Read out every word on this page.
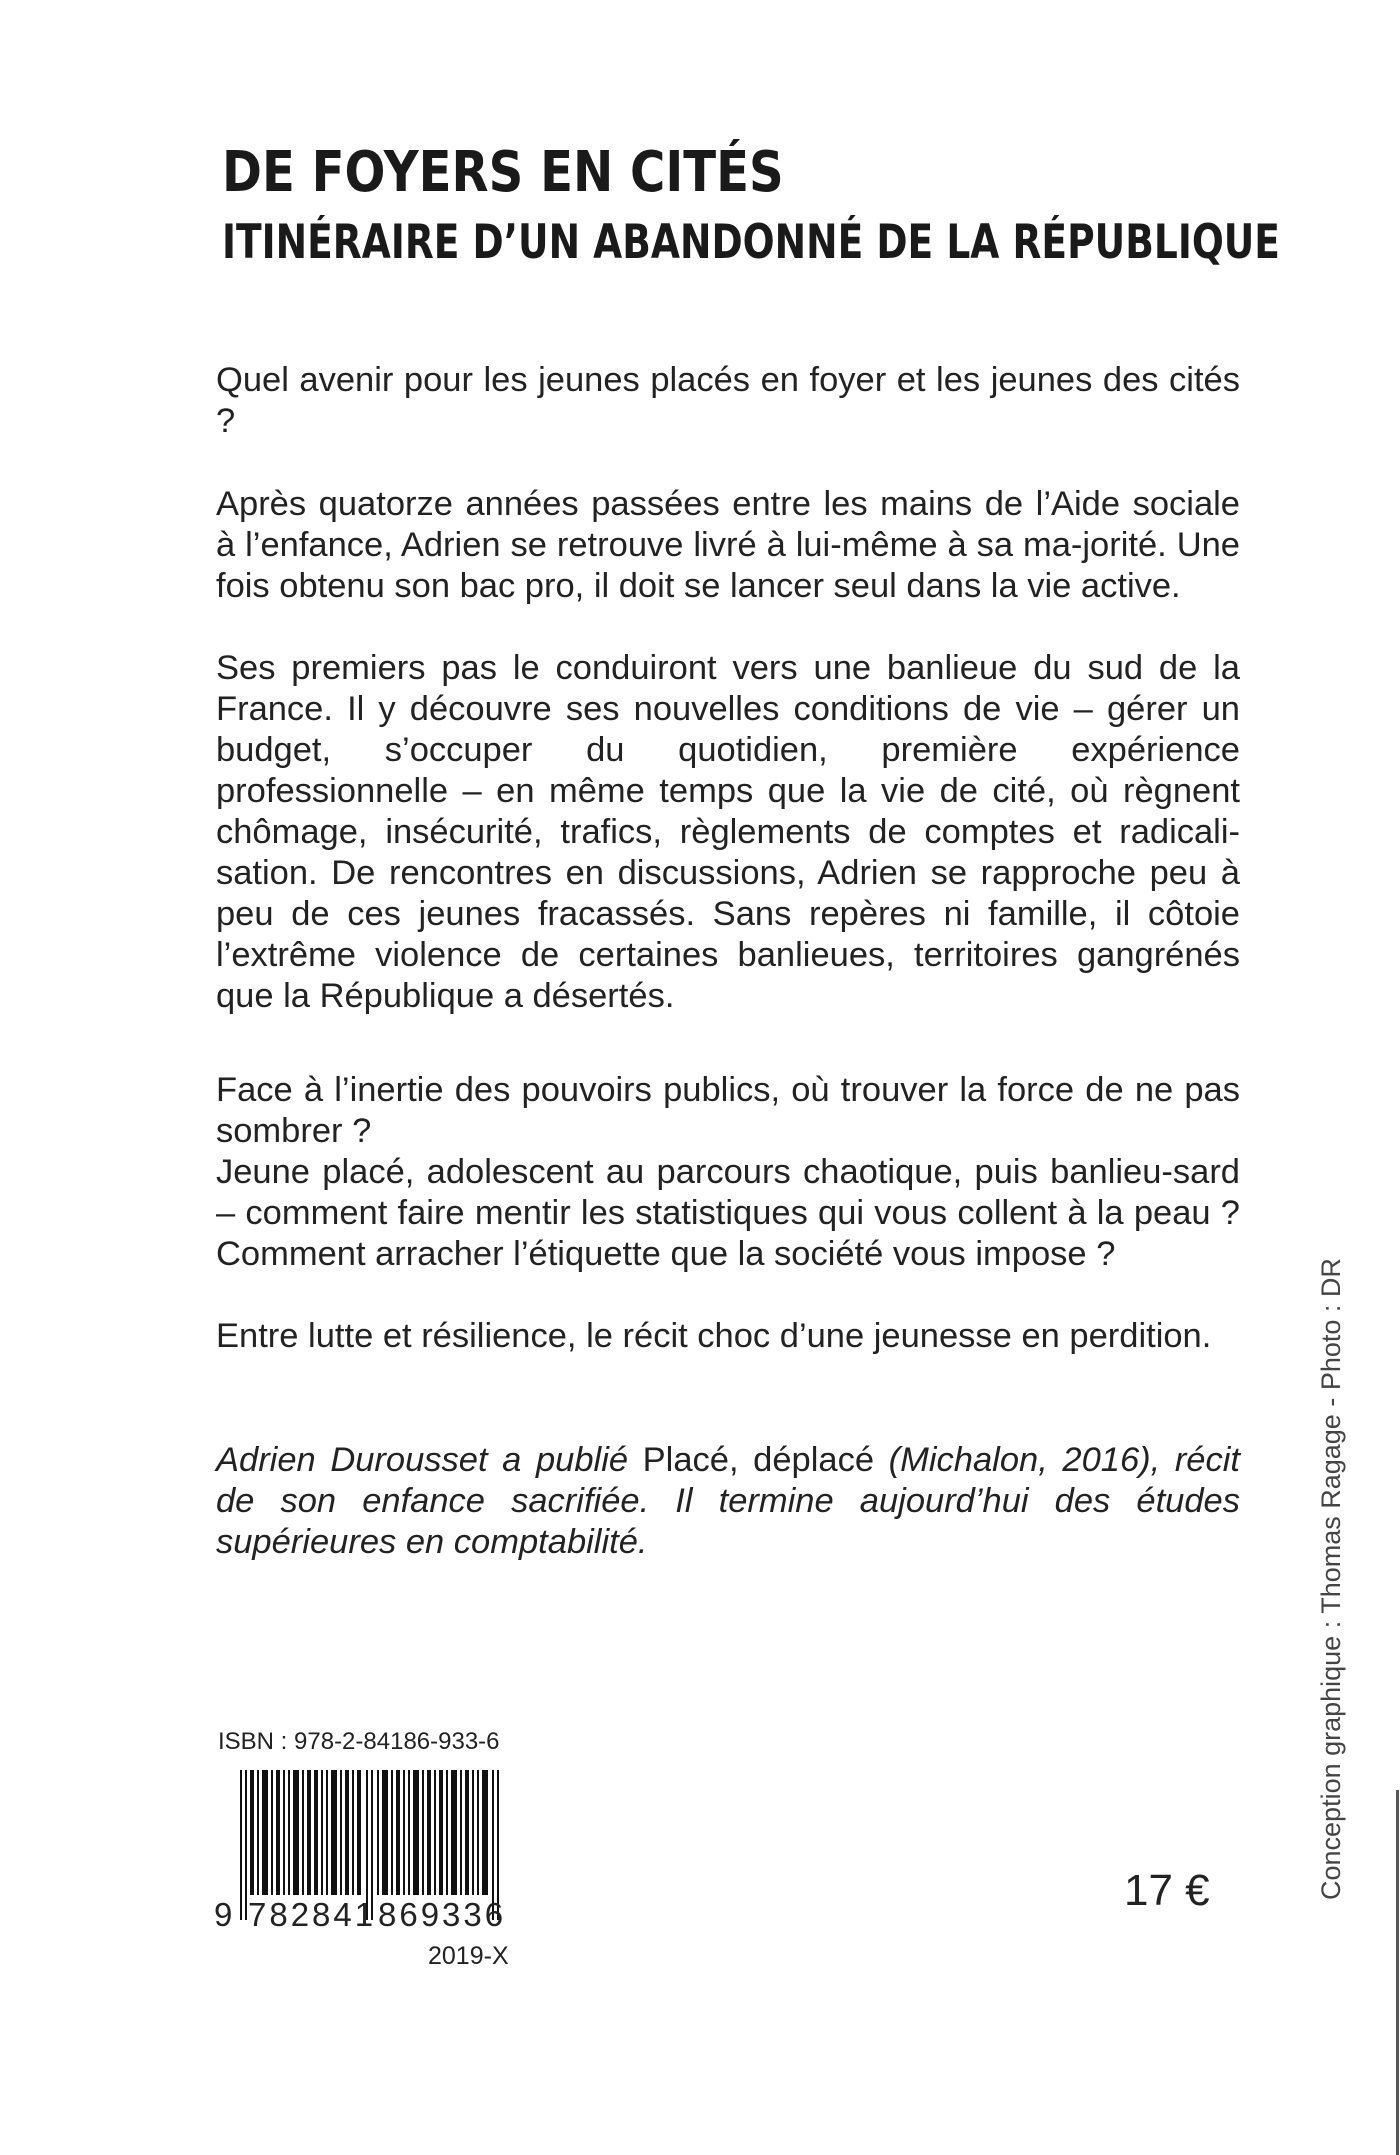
DE FOYERS EN CITÉS
ITINÉRAIRE D’UN ABANDONNÉ DE LA RÉPUBLIQUE

Quel avenir pour les jeunes placés en foyer et les jeunes des cités ?

Après quatorze années passées entre les mains de l’Aide sociale à l’enfance, Adrien se retrouve livré à lui-même à sa ma-jorité. Une fois obtenu son bac pro, il doit se lancer seul dans la vie active.

Ses premiers pas le conduiront vers une banlieue du sud de la France. Il y découvre ses nouvelles conditions de vie – gérer un budget, s’occuper du quotidien, première expérience professionnelle – en même temps que la vie de cité, où règnent chômage, insécurité, trafics, règlements de comptes et radicali-sation. De rencontres en discussions, Adrien se rapproche peu à peu de ces jeunes fracassés. Sans repères ni famille, il côtoie l’extrême violence de certaines banlieues, territoires gangrénés que la République a désertés.

Face à l’inertie des pouvoirs publics, où trouver la force de ne pas sombrer ?

Jeune placé, adolescent au parcours chaotique, puis banlieu-sard – comment faire mentir les statistiques qui vous collent à la peau ? Comment arracher l’étiquette que la société vous impose ?

Entre lutte et résilience, le récit choc d’une jeunesse en perdition.

Adrien Durousset a publié Placé, déplacé (Michalon, 2016), récit de son enfance sacrifiée. Il termine aujourd’hui des études supérieures en comptabilité.

ISBN : 978-2-84186-933-6

9 782841 869336	17 €

2019-X

Conception graphique : Thomas Ragage - Photo : DR
